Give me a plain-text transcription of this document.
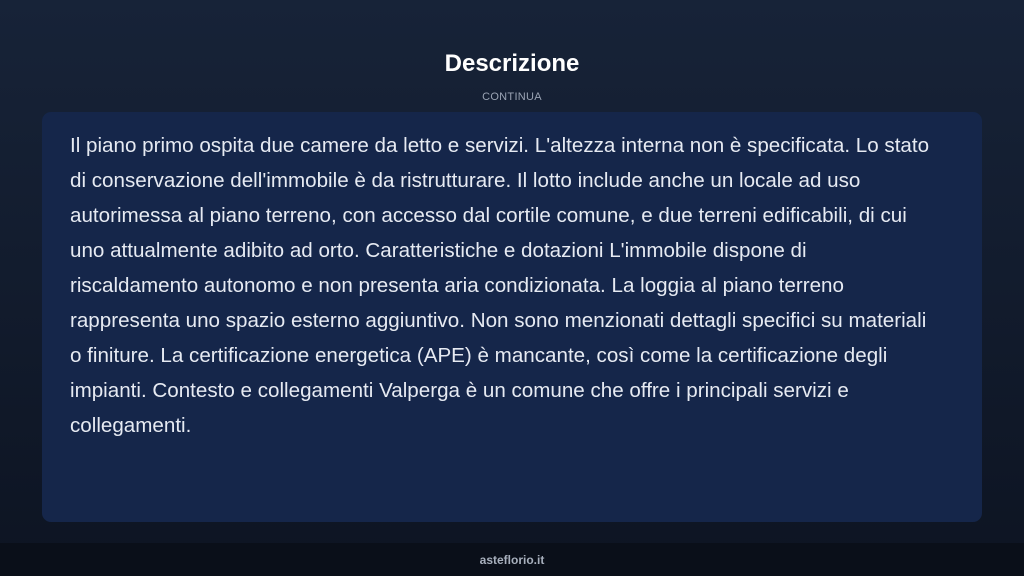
Descrizione
CONTINUA

Il piano primo ospita due camere da letto e servizi. L'altezza interna non è specificata. Lo stato di conservazione dell'immobile è da ristrutturare. Il lotto include anche un locale ad uso autorimessa al piano terreno, con accesso dal cortile comune, e due terreni edificabili, di cui uno attualmente adibito ad orto. Caratteristiche e dotazioni L'immobile dispone di riscaldamento autonomo e non presenta aria condizionata. La loggia al piano terreno rappresenta uno spazio esterno aggiuntivo. Non sono menzionati dettagli specifici su materiali o finiture. La certificazione energetica (APE) è mancante, così come la certificazione degli impianti. Contesto e collegamenti Valperga è un comune che offre i principali servizi e collegamenti.

asteflorio.it
